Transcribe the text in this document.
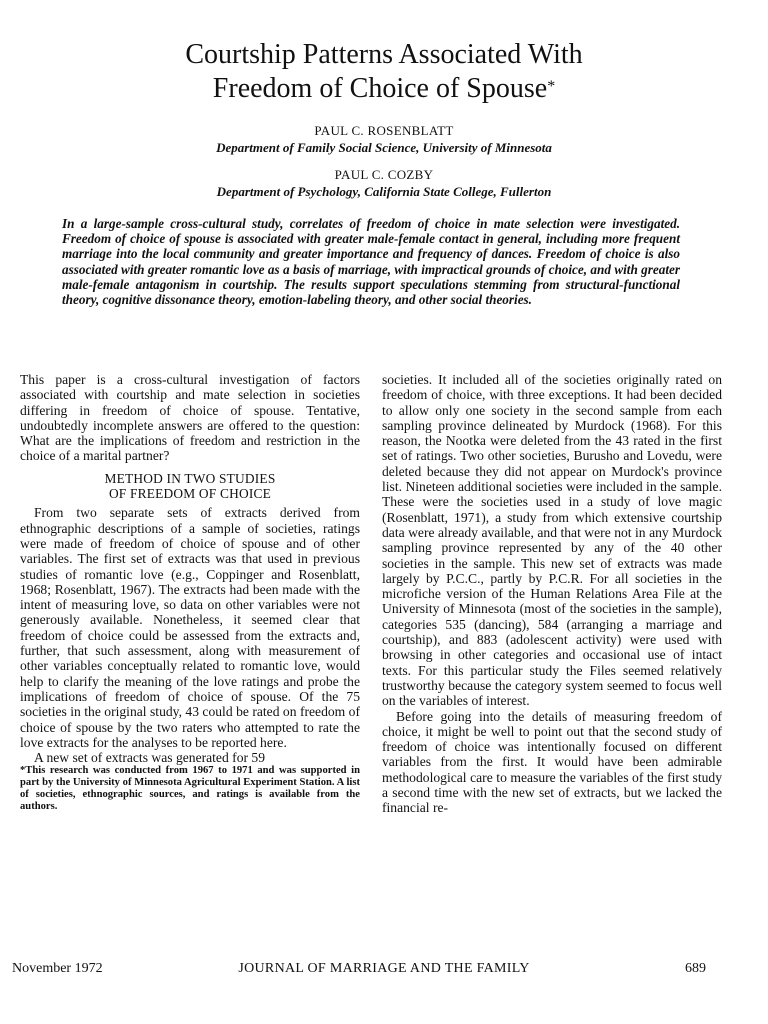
Courtship Patterns Associated With
Freedom of Choice of Spouse*
PAUL C. ROSENBLATT
Department of Family Social Science, University of Minnesota
PAUL C. COZBY
Department of Psychology, California State College, Fullerton

In a large-sample cross-cultural study, correlates of freedom of choice in mate selection were investigated. Freedom of choice of spouse is associated with greater male-female contact in general, including more frequent marriage into the local community and greater importance and frequency of dances. Freedom of choice is also associated with greater romantic love as a basis of marriage, with impractical grounds of choice, and with greater male-female antagonism in courtship. The results support speculations stemming from structural-functional theory, cognitive dissonance theory, emotion-labeling theory, and other social theories.

This paper is a cross-cultural investigation of factors associated with courtship and mate selection in societies differing in freedom of choice of spouse. Tentative, undoubtedly incomplete answers are offered to the question: What are the implications of freedom and restriction in the choice of a marital partner?

METHOD IN TWO STUDIES
OF FREEDOM OF CHOICE

From two separate sets of extracts derived from ethnographic descriptions of a sample of societies, ratings were made of freedom of choice of spouse and of other variables. The first set of extracts was that used in previous studies of romantic love (e.g., Coppinger and Rosenblatt, 1968; Rosenblatt, 1967). The extracts had been made with the intent of measuring love, so data on other variables were not generously available. Nonetheless, it seemed clear that freedom of choice could be assessed from the extracts and, further, that such assessment, along with measurement of other variables conceptually related to romantic love, would help to clarify the meaning of the love ratings and probe the implications of freedom of choice of spouse. Of the 75 societies in the original study, 43 could be rated on freedom of choice of spouse by the two raters who attempted to rate the love extracts for the analyses to be reported here.

A new set of extracts was generated for 59

*This research was conducted from 1967 to 1971 and was supported in part by the University of Minnesota Agricultural Experiment Station. A list of societies, ethnographic sources, and ratings is available from the authors.

societies. It included all of the societies originally rated on freedom of choice, with three exceptions. It had been decided to allow only one society in the second sample from each sampling province delineated by Murdock (1968). For this reason, the Nootka were deleted from the 43 rated in the first set of ratings. Two other societies, Burusho and Lovedu, were deleted because they did not appear on Murdock's province list. Nineteen additional societies were included in the sample. These were the societies used in a study of love magic (Rosenblatt, 1971), a study from which extensive courtship data were already available, and that were not in any Murdock sampling province represented by any of the 40 other societies in the sample. This new set of extracts was made largely by P.C.C., partly by P.C.R. For all societies in the microfiche version of the Human Relations Area File at the University of Minnesota (most of the societies in the sample), categories 535 (dancing), 584 (arranging a marriage and courtship), and 883 (adolescent activity) were used with browsing in other categories and occasional use of intact texts. For this particular study the Files seemed relatively trustworthy because the category system seemed to focus well on the variables of interest.

Before going into the details of measuring freedom of choice, it might be well to point out that the second study of freedom of choice was intentionally focused on different variables from the first. It would have been admirable methodological care to measure the variables of the first study a second time with the new set of extracts, but we lacked the financial re-

November 1972	JOURNAL OF MARRIAGE AND THE FAMILY	689
